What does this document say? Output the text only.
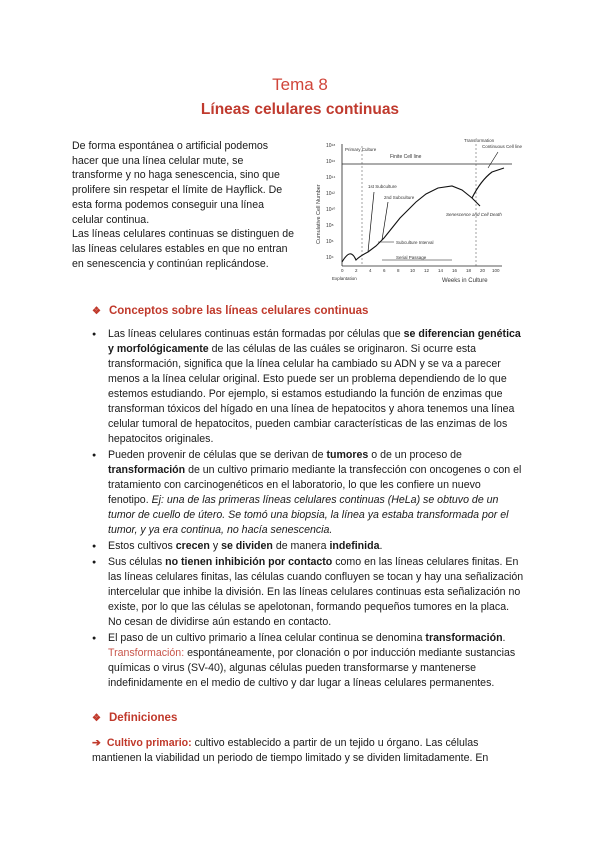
Tema 8
Líneas celulares continuas

De forma espontánea o artificial podemos hacer que una línea celular mute, se transforme y no haga senescencia, sino que prolifere sin respetar el límite de Hayflick. De esta forma podemos conseguir una línea celular continua.

Las líneas celulares continuas se distinguen de las líneas celulares estables en que no entran en senescencia y continúan replicándose.

10¹⁸
10¹⁶
10¹⁴
10¹²
10¹⁰
10⁸
10⁶
10⁴
0	2	4	6	8 10 12 14 16 18 20 100
Cumulative Cell Number
Weeks in Culture
Primary Culture
Finite Cell line
Transformation
Continuous Cell line
1st Subculture
2nd Subculture
Senescence and Cell Death
Subculture Interval
Serial Passage
Explantation
❖ Conceptos sobre las líneas celulares continuas
● Las líneas celulares continuas están formadas por células que se diferencian genética y morfológicamente de las células de las cuáles se originaron. Si ocurre esta transformación, significa que la línea celular ha cambiado su ADN y se va a parecer menos a la línea celular original. Esto puede ser un problema dependiendo de lo que estemos estudiando. Por ejemplo, si estamos estudiando la función de enzimas que transforman tóxicos del hígado en una línea de hepatocitos y ahora tenemos una línea celular tumoral de hepatocitos, pueden cambiar características de las enzimas de los hepatocitos originales.
● Pueden provenir de células que se derivan de tumores o de un proceso de transformación de un cultivo primario mediante la transfección con oncogenes o con el tratamiento con carcinogenéticos en el laboratorio, lo que les confiere un nuevo fenotipo. Ej: una de las primeras líneas celulares continuas (HeLa) se obtuvo de un tumor de cuello de útero. Se tomó una biopsia, la línea ya estaba transformada por el tumor, y ya era continua, no hacía senescencia.
● Estos cultivos crecen y se dividen de manera indefinida.
● Sus células no tienen inhibición por contacto como en las líneas celulares finitas. En las líneas celulares finitas, las células cuando confluyen se tocan y hay una señalización intercelular que inhibe la división. En las líneas celulares continuas esta señalización no existe, por lo que las células se apelotonan, formando pequeños tumores en la placa. No cesan de dividirse aún estando en contacto.
● El paso de un cultivo primario a línea celular continua se denomina transformación.
Transformación: espontáneamente, por clonación o por inducción mediante sustancias químicas o virus (SV-40), algunas células pueden transformarse y mantenerse indefinidamente en el medio de cultivo y dar lugar a líneas celulares permanentes.
❖ Definiciones
➔ Cultivo primario: cultivo establecido a partir de un tejido u órgano. Las células mantienen la viabilidad un periodo de tiempo limitado y se dividen limitadamente. En
